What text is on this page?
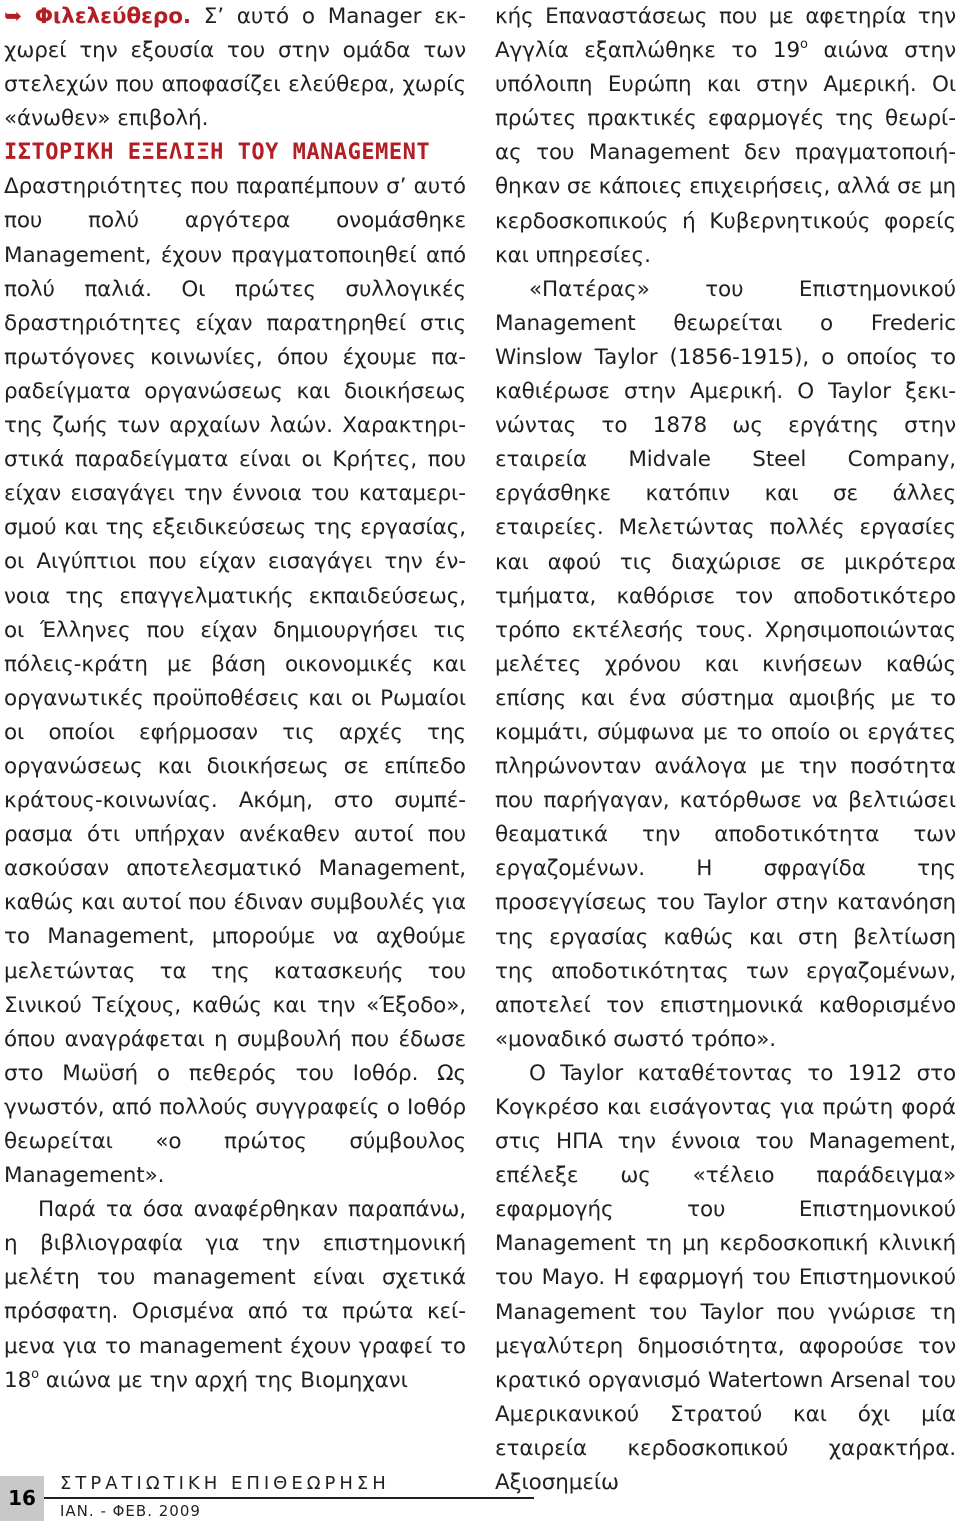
➥ Φιλελεύθερο. Σ’ αυτό ο Manager εκχωρεί την εξουσία του στην ομάδα των στελεχών που αποφασίζει ελεύθερα, χωρίς «άνωθεν» επιβολή.

ΙΣΤΟΡΙΚΗ ΕΞΕΛΙΞΗ ΤΟΥ MANAGEMENT

Δραστηριότητες που παραπέμπουν σ’ αυτό που πολύ αργότερα ονομάσθηκε Management, έχουν πραγματοποιηθεί από πολύ παλιά. Οι πρώτες συλλογικές δραστηριότητες είχαν παρατηρηθεί στις πρωτόγονες κοινωνίες, όπου έχουμε παραδείγματα οργανώσεως και διοικήσεως της ζωής των αρχαίων λαών. Χαρακτηριστικά παραδείγματα είναι οι Κρήτες, που είχαν εισαγάγει την έννοια του καταμερισμού και της εξειδικεύσεως της εργασίας, οι Αιγύπτιοι που είχαν εισαγάγει την έννοια της επαγγελματικής εκπαιδεύσεως, οι Έλληνες που είχαν δημιουργήσει τις πόλεις-κράτη με βάση οικονομικές και οργανωτικές προϋποθέσεις και οι Ρωμαίοι οι οποίοι εφήρμοσαν τις αρχές της οργανώσεως και διοικήσεως σε επίπεδο κράτους-κοινωνίας. Ακόμη, στο συμπέρασμα ότι υπήρχαν ανέκαθεν αυτοί που ασκούσαν αποτελεσματικό Management, καθώς και αυτοί που έδιναν συμβουλές για το Management, μπορούμε να αχθούμε μελετώντας τα της κατασκευής του Σινικού Τείχους, καθώς και την «Έξοδο», όπου αναγράφεται η συμβουλή που έδωσε στο Μωϋσή ο πεθερός του Ιοθόρ. Ως γνωστόν, από πολλούς συγγραφείς ο Ιοθόρ θεωρείται «ο πρώτος σύμβουλος Management».

Παρά τα όσα αναφέρθηκαν παραπάνω, η βιβλιογραφία για την επιστημονική μελέτη του management είναι σχετικά πρόσφατη. Ορισμένα από τα πρώτα κείμενα για το management έχουν γραφεί το $18^o$ αιώνα με την αρχή της Βιομηχανι

κής Επαναστάσεως που με αφετηρία την Αγγλία εξαπλώθηκε το $19^o$ αιώνα στην υπόλοιπη Ευρώπη και στην Αμερική. Οι πρώτες πρακτικές εφαρμογές της θεωρίας του Management δεν πραγματοποιήθηκαν σε κάποιες επιχειρήσεις, αλλά σε μη κερδοσκοπικούς ή Κυβερνητικούς φορείς και υπηρεσίες.

«Πατέρας» του Επιστημονικού Management θεωρείται ο Frederic Winslow Taylor (1856-1915), ο οποίος το καθιέρωσε στην Αμερική. Ο Taylor ξεκινώντας το 1878 ως εργάτης στην εταιρεία Midvale Steel Company, εργάσθηκε κατόπιν και σε άλλες εταιρείες. Μελετώντας πολλές εργασίες και αφού τις διαχώρισε σε μικρότερα τμήματα, καθόρισε τον αποδοτικότερο τρόπο εκτέλεσής τους. Χρησιμοποιώντας μελέτες χρόνου και κινήσεων καθώς επίσης και ένα σύστημα αμοιβής με το κομμάτι, σύμφωνα με το οποίο οι εργάτες πληρώνονταν ανάλογα με την ποσότητα που παρήγαγαν, κατόρθωσε να βελτιώσει θεαματικά την αποδοτικότητα των εργαζομένων. Η σφραγίδα της προσεγγίσεως του Taylor στην κατανόηση της εργασίας καθώς και στη βελτίωση της αποδοτικότητας των εργαζομένων, αποτελεί τον επιστημονικά καθορισμένο «μοναδικό σωστό τρόπο».

Ο Taylor καταθέτοντας το 1912 στο Κογκρέσο και εισάγοντας για πρώτη φορά στις ΗΠΑ την έννοια του Management, επέλεξε ως «τέλειο παράδειγμα» εφαρμογής του Επιστημονικού Management τη μη κερδοσκοπική κλινική του Mayo. Η εφαρμογή του Επιστημονικού Management του Taylor που γνώρισε τη μεγαλύτερη δημοσιότητα, αφορούσε τον κρατικό οργανισμό Watertown Arsenal του Αμερικανικού Στρατού και όχι μία εταιρεία κερδοσκοπικού χαρακτήρα. Αξιοσημείω

16
ΣΤΡΑΤΙΩΤΙΚΗ ΕΠΙΘΕΩΡΗΣΗ
ΙΑΝ. - ΦΕΒ. 2009
